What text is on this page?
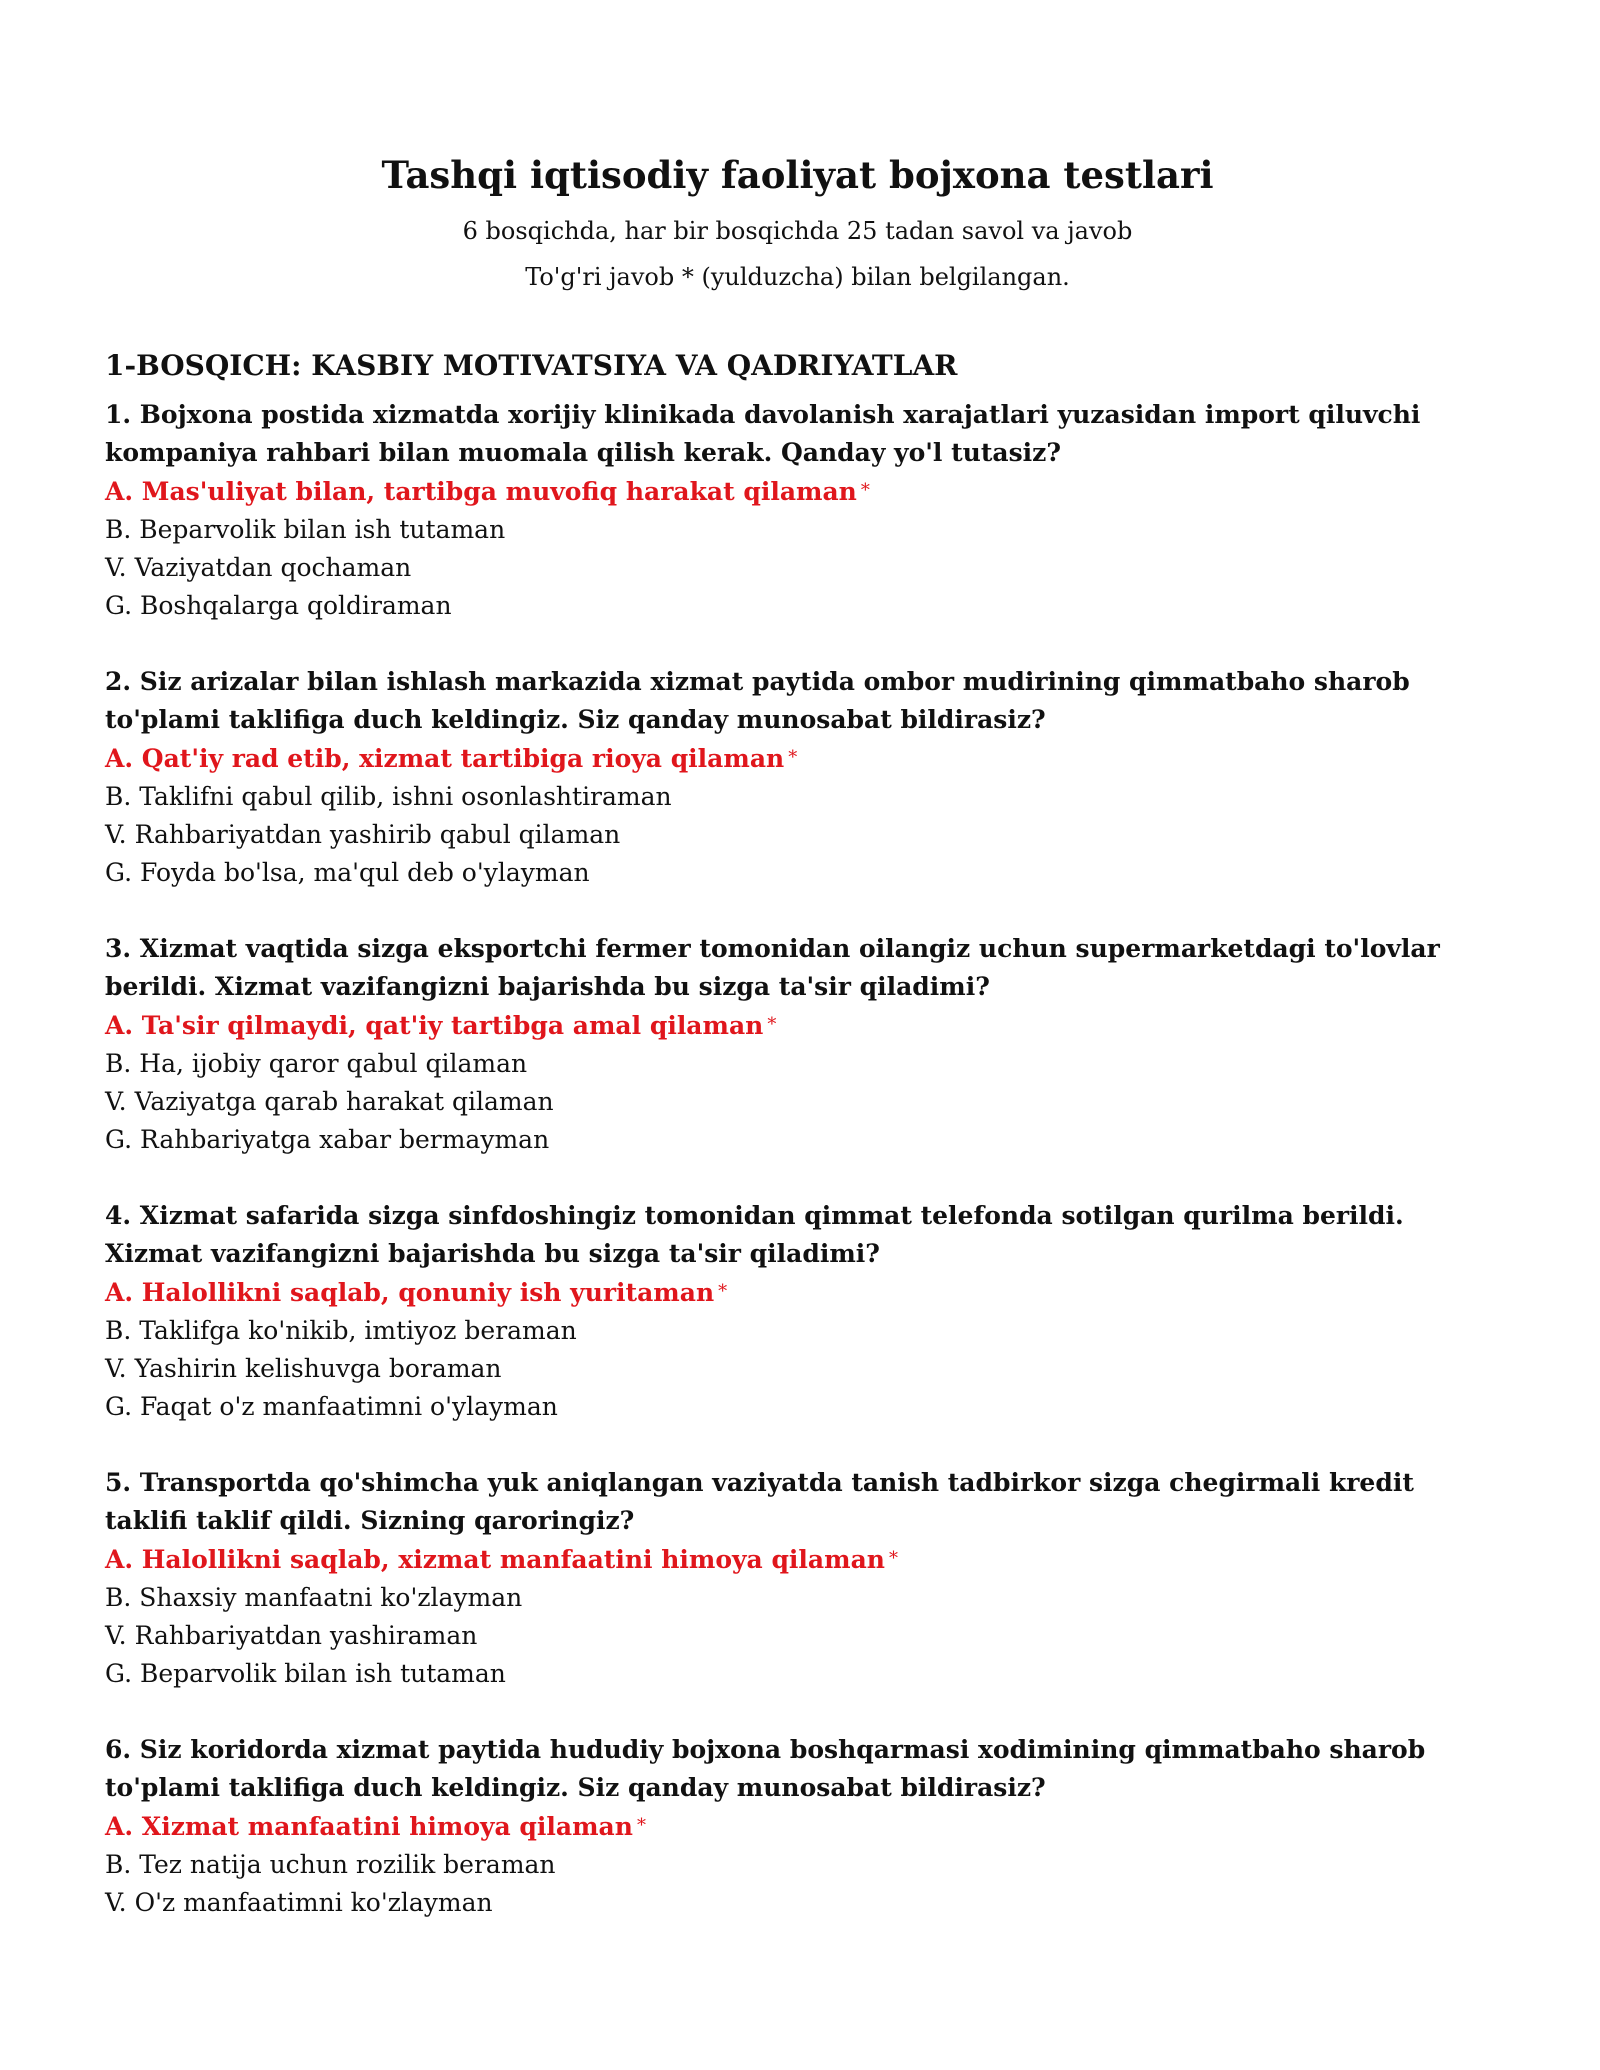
Tashqi iqtisodiy faoliyat bojxona testlari

6 bosqichda, har bir bosqichda 25 tadan savol va javob

To'g'ri javob * (yulduzcha) bilan belgilangan.

1-BOSQICH: KASBIY MOTIVATSIYA VA QADRIYATLAR

1. Bojxona postida xizmatda xorijiy klinikada davolanish xarajatlari yuzasidan import qiluvchi kompaniya rahbari bilan muomala qilish kerak. Qanday yo'l tutasiz?

A. Mas'uliyat bilan, tartibga muvofiq harakat qilaman *

B. Beparvolik bilan ish tutaman

V. Vaziyatdan qochaman

G. Boshqalarga qoldiraman

2. Siz arizalar bilan ishlash markazida xizmat paytida ombor mudirining qimmatbaho sharob to'plami taklifiga duch keldingiz. Siz qanday munosabat bildirasiz?

A. Qat'iy rad etib, xizmat tartibiga rioya qilaman *

B. Taklifni qabul qilib, ishni osonlashtiraman

V. Rahbariyatdan yashirib qabul qilaman

G. Foyda bo'lsa, ma'qul deb o'ylayman

3. Xizmat vaqtida sizga eksportchi fermer tomonidan oilangiz uchun supermarketdagi to'lovlar berildi. Xizmat vazifangizni bajarishda bu sizga ta'sir qiladimi?

A. Ta'sir qilmaydi, qat'iy tartibga amal qilaman *

B. Ha, ijobiy qaror qabul qilaman

V. Vaziyatga qarab harakat qilaman

G. Rahbariyatga xabar bermayman

4. Xizmat safarida sizga sinfdoshingiz tomonidan qimmat telefonda sotilgan qurilma berildi. Xizmat vazifangizni bajarishda bu sizga ta'sir qiladimi?

A. Halollikni saqlab, qonuniy ish yuritaman *

B. Taklifga ko'nikib, imtiyoz beraman

V. Yashirin kelishuvga boraman

G. Faqat o'z manfaatimni o'ylayman

5. Transportda qo'shimcha yuk aniqlangan vaziyatda tanish tadbirkor sizga chegirmali kredit taklifi taklif qildi. Sizning qaroringiz?

A. Halollikni saqlab, xizmat manfaatini himoya qilaman *

B. Shaxsiy manfaatni ko'zlayman

V. Rahbariyatdan yashiraman

G. Beparvolik bilan ish tutaman

6. Siz koridorda xizmat paytida hududiy bojxona boshqarmasi xodimining qimmatbaho sharob to'plami taklifiga duch keldingiz. Siz qanday munosabat bildirasiz?

A. Xizmat manfaatini himoya qilaman *

B. Tez natija uchun rozilik beraman

V. O'z manfaatimni ko'zlayman
